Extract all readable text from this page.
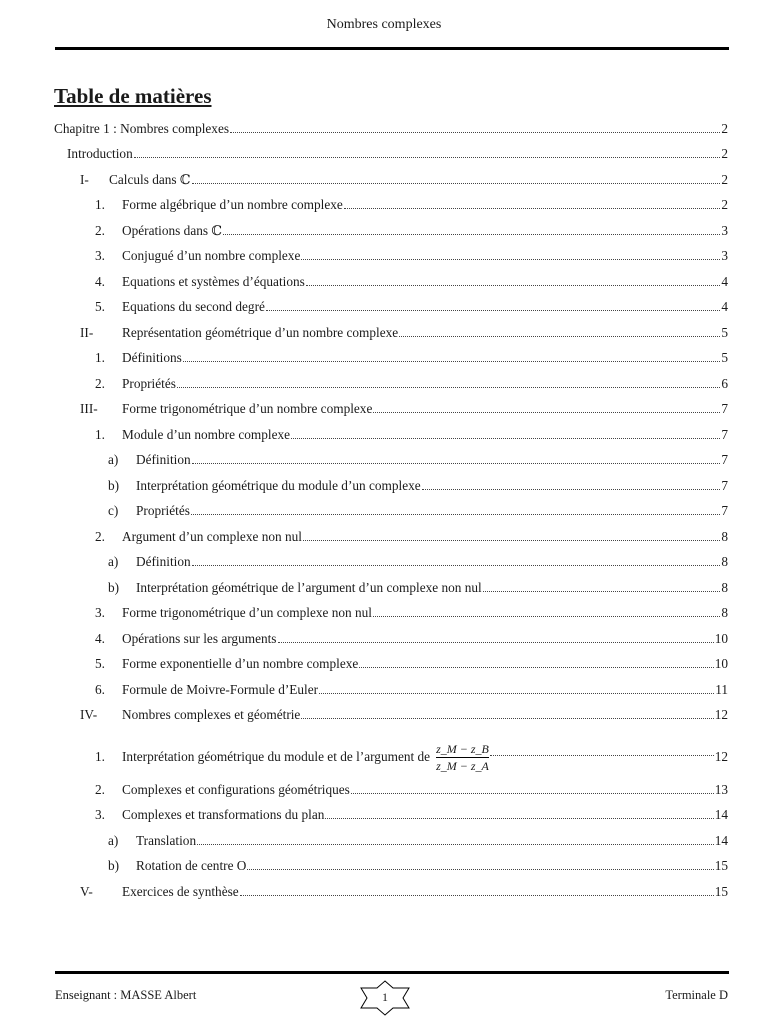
Nombres complexes
Table de matières
Chapitre 1 : Nombres complexes	2
Introduction	2
I-	Calculs dans ℂ	2
1.	Forme algébrique d’un nombre complexe	2
2.	Opérations dans ℂ	3
3.	Conjugué d’un nombre complexe	3
4.	Equations et systèmes d’équations	4
5.	Equations du second degré	4
II-	Représentation géométrique d’un nombre complexe	5
1.	Définitions	5
2.	Propriétés	6
III-	Forme trigonométrique d’un nombre complexe	7
1.	Module d’un nombre complexe	7
a)	Définition	7
b)	Interprétation géométrique du module d’un complexe	7
c)	Propriétés	7
2.	Argument d’un complexe non nul	8
a)	Définition	8
b)	Interprétation géométrique de l’argument d’un complexe non nul	8
3.	Forme trigonométrique d’un complexe non nul	8
4.	Opérations sur les arguments	10
5.	Forme exponentielle d’un nombre complexe	10
6.	Formule de Moivre-Formule d’Euler	11
IV-	Nombres complexes et géométrie	12
1.	Interprétation géométrique du module et de l’argument de $\frac{z\_M - z\_B}{z\_M - z\_A}$	12
2.	Complexes et configurations géométriques	13
3.	Complexes et transformations du plan	14
a)	Translation	14
b)	Rotation de centre O	15
V-	Exercices de synthèse	15
Enseignant : MASSE Albert	1	Terminale D
